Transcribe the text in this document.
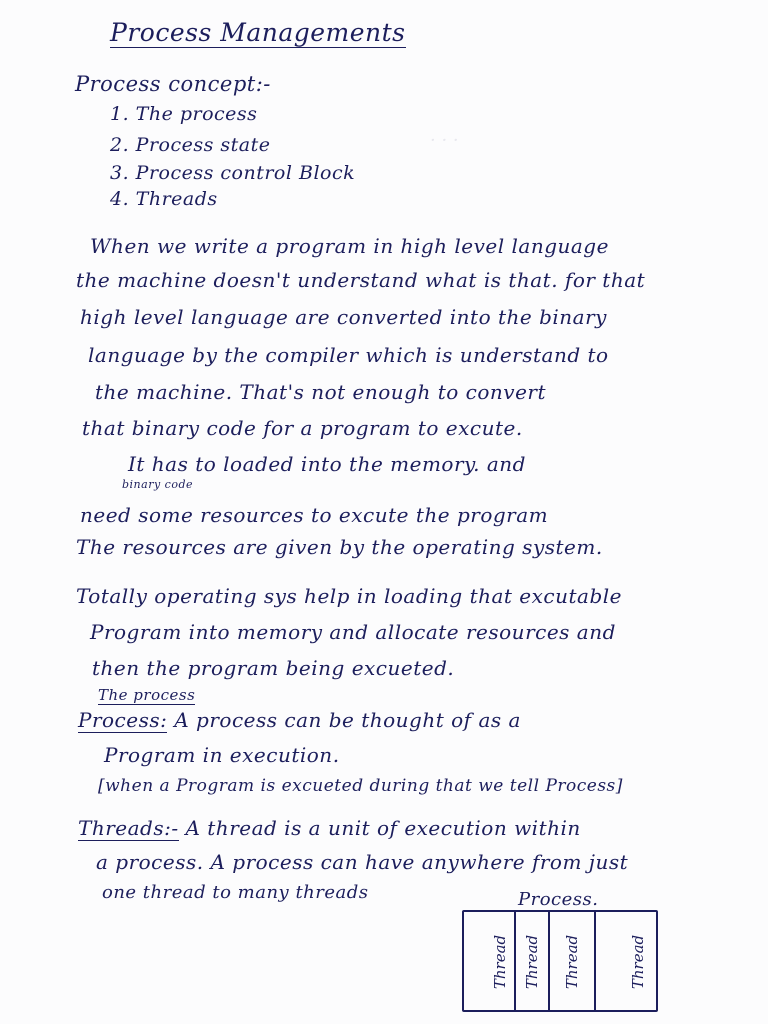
· · ·
Process Managements
Process concept:-
1. The process
2. Process state
3. Process control Block
4. Threads
When we write a program in high level language
the machine doesn't understand what is that. for that
high level language are converted into the binary
language by the compiler which is understand to
the machine. That's not enough to convert
that binary code for a program to excute.
It has to loaded into the memory. and
binary code
need some resources to excute the program
The resources are given by the operating system.
Totally operating sys help in loading that excutable
Program into memory and allocate resources and
then the program being excueted.
The process
Process: A process can be thought of as a
Program in execution.
[when a Program is excueted during that we tell Process]
Threads:- A thread is a unit of execution within
a process. A process can have anywhere from just
one thread to many threads	Process.
Thread Thread Thread	Thread
